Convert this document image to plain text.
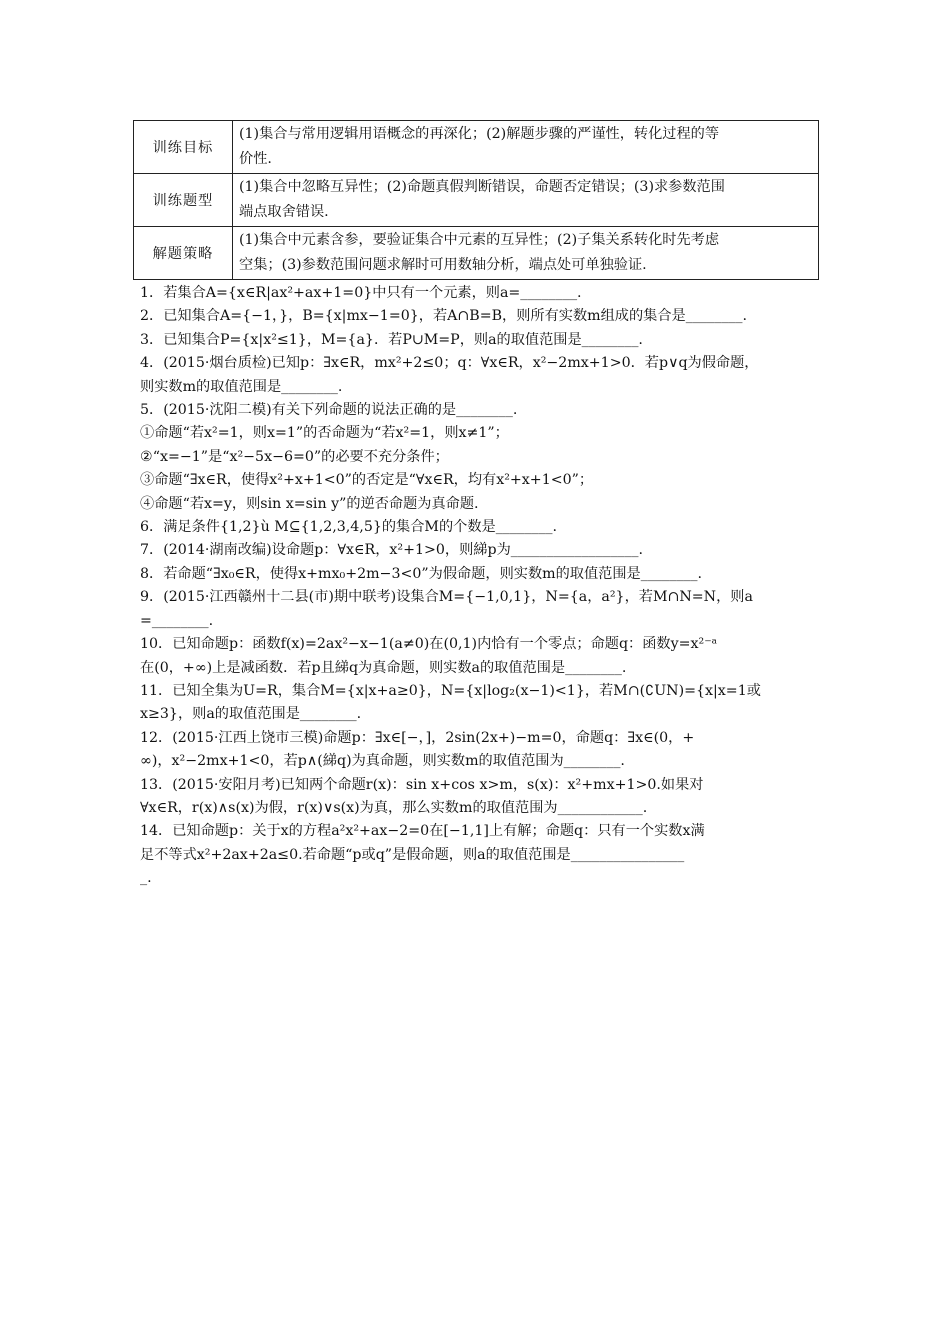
训练目标	(1)集合与常用逻辑用语概念的再深化；(2)解题步骤的严谨性，转化过程的等
价性.

训练题型	(1)集合中忽略互异性；(2)命题真假判断错误，命题否定错误；(3)求参数范围
端点取舍错误.

解题策略	(1)集合中元素含参，要验证集合中元素的互异性；(2)子集关系转化时先考虑
空集；(3)参数范围问题求解时可用数轴分析，端点处可单独验证.

1．若集合A={x∈R|ax²+ax+1=0}中只有一个元素，则a=________.

2．已知集合A={−1，}，B={x|mx−1=0}，若A∩B=B，则所有实数m组成的集合是________.

3．已知集合P={x|x²≤1}，M={a}．若P∪M=P，则a的取值范围是________.

4．(2015·烟台质检)已知p：∃x∈R，mx²+2≤0；q：∀x∈R，x²−2mx+1>0．若p∨q为假命题，

则实数m的取值范围是________.

5．(2015·沈阳二模)有关下列命题的说法正确的是________.

①命题“若x²=1，则x=1”的否命题为“若x²=1，则x≠1”；

②“x=−1”是“x²−5x−6=0”的必要不充分条件；

③命题“∃x∈R，使得x²+x+1<0”的否定是“∀x∈R，均有x²+x+1<0”；

④命题“若x=y，则sin x=sin y”的逆否命题为真命题.

6．满足条件{1,2}ù M⊆{1,2,3,4,5}的集合M的个数是________.

7．(2014·湖南改编)设命题p：∀x∈R，x²+1>0，则綈p为__________________.

8．若命题“∃x₀∈R，使得x+mx₀+2m−3<0”为假命题，则实数m的取值范围是________.

9．(2015·江西赣州十二县(市)期中联考)设集合M={−1,0,1}，N={a，a²}，若M∩N=N，则a

=________.

10．已知命题p：函数f(x)=2ax²−x−1(a≠0)在(0,1)内恰有一个零点；命题q：函数y=x²⁻ᵃ

在(0，+∞)上是减函数．若p且綈q为真命题，则实数a的取值范围是________.

11．已知全集为U=R，集合M={x|x+a≥0}，N={x|log₂(x−1)<1}，若M∩(∁UN)={x|x=1或

x≥3}，则a的取值范围是________.

12．(2015·江西上饶市三模)命题p：∃x∈[−，]，2sin(2x+)−m=0，命题q：∃x∈(0，+

∞)，x²−2mx+1<0，若p∧(綈q)为真命题，则实数m的取值范围为________.

13．(2015·安阳月考)已知两个命题r(x)：sin x+cos x>m，s(x)：x²+mx+1>0.如果对

∀x∈R，r(x)∧s(x)为假，r(x)∨s(x)为真，那么实数m的取值范围为____________.

14．已知命题p：关于x的方程a²x²+ax−2=0在[−1,1]上有解；命题q：只有一个实数x满

足不等式x²+2ax+2a≤0.若命题“p或q”是假命题，则a的取值范围是________________

_.
